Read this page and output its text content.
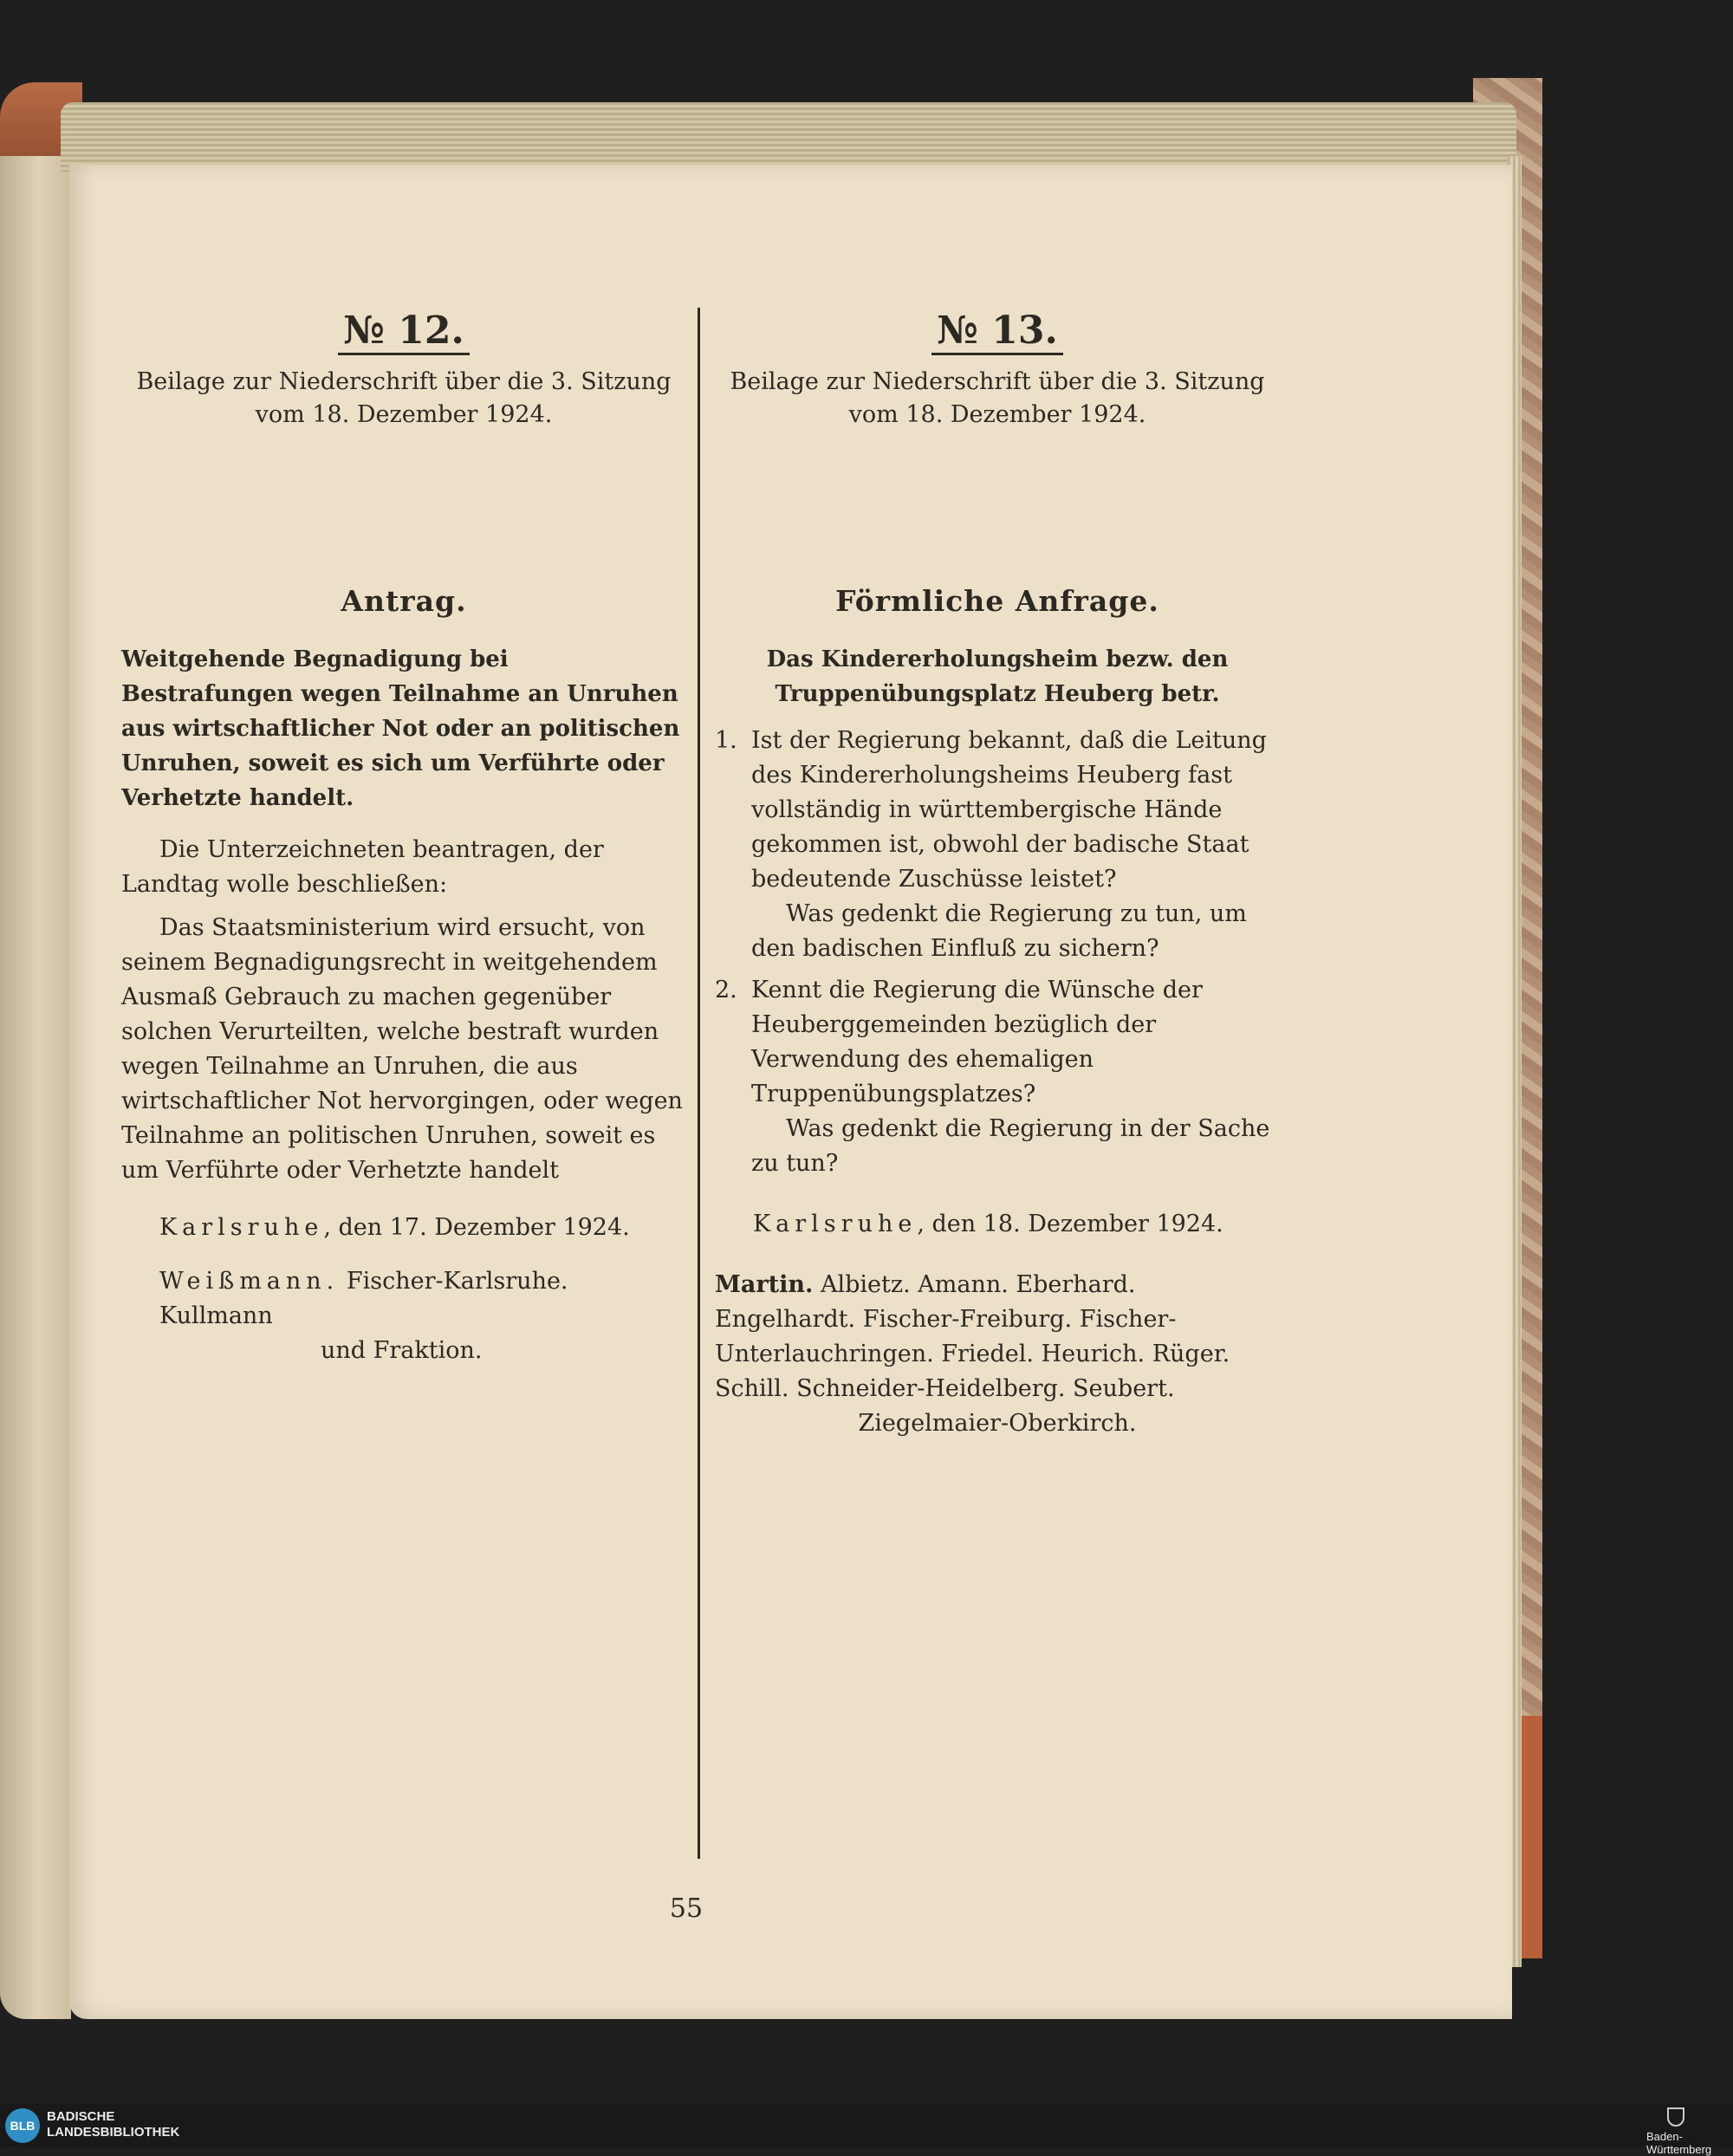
№ 12.

Beilage zur Niederschrift über die 3. Sitzung vom 18. Dezember 1924.

Antrag.

Weitgehende Begnadigung bei Bestrafungen wegen Teilnahme an Unruhen aus wirtschaftlicher Not oder an politischen Unruhen, soweit es sich um Verführte oder Verhetzte handelt.

Die Unterzeichneten beantragen, der Landtag wolle beschließen:

Das Staatsministerium wird ersucht, von seinem Begnadigungsrecht in weitgehendem Ausmaß Gebrauch zu machen gegenüber solchen Verurteilten, welche bestraft wurden wegen Teilnahme an Unruhen, die aus wirtschaftlicher Not hervorgingen, oder wegen Teilnahme an politischen Unruhen, soweit es um Verführte oder Verhetzte handelt

Karlsruhe, den 17. Dezember 1924.

Weißmann. Fischer-Karlsruhe. Kullmann

und Fraktion.

№ 13.

Beilage zur Niederschrift über die 3. Sitzung vom 18. Dezember 1924.

Förmliche Anfrage.

Das Kindererholungsheim bezw. den Truppenübungsplatz Heuberg betr.

1. Ist der Regierung bekannt, daß die Leitung des Kindererholungsheims Heuberg fast vollständig in württembergische Hände gekommen ist, obwohl der badische Staat bedeutende Zuschüsse leistet?

Was gedenkt die Regierung zu tun, um den badischen Einfluß zu sichern?

2. Kennt die Regierung die Wünsche der Heuberggemeinden bezüglich der Verwendung des ehemaligen Truppenübungsplatzes?

Was gedenkt die Regierung in der Sache zu tun?

Karlsruhe, den 18. Dezember 1924.

Martin. Albietz. Amann. Eberhard. Engelhardt. Fischer-Freiburg. Fischer-Unterlauchringen. Friedel. Heurich. Rüger. Schill. Schneider-Heidelberg. Seubert.

Ziegelmaier-Oberkirch.

55
BLB
BADISCHE
LANDESBIBLIOTHEK	Baden-Württemberg
